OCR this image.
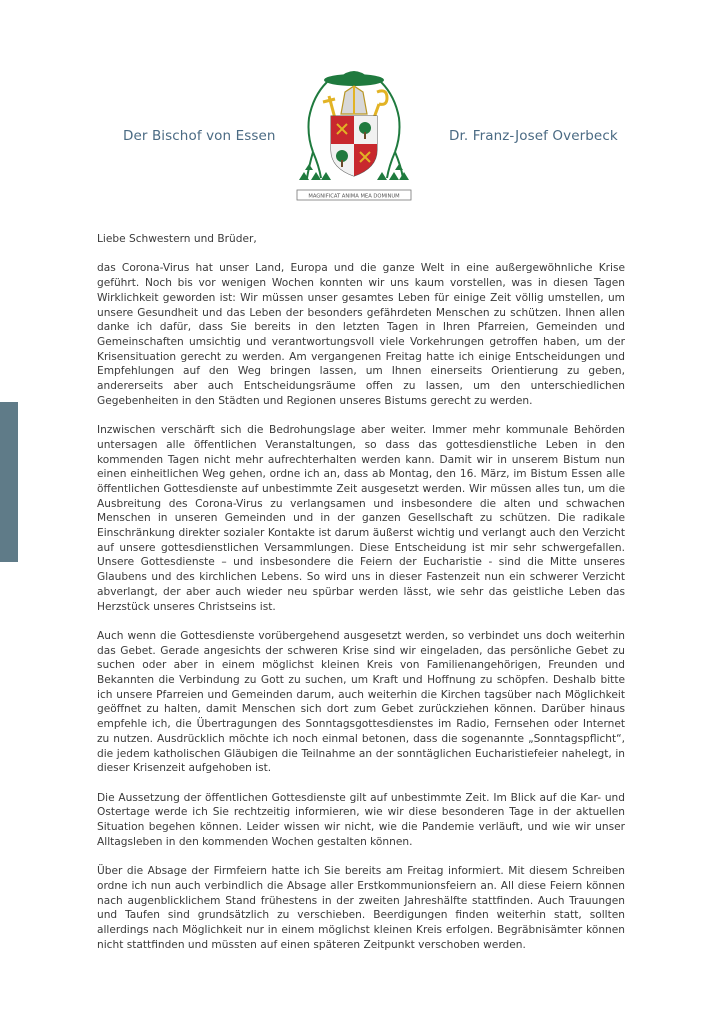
Der Bischof von Essen	Dr. Franz-Josef Overbeck
MAGNIFICAT ANIMA MEA DOMINUM

Liebe Schwestern und Brüder,

das Corona-Virus hat unser Land, Europa und die ganze Welt in eine außergewöhnliche Krise geführt. Noch bis vor wenigen Wochen konnten wir uns kaum vorstellen, was in diesen Tagen Wirklichkeit geworden ist: Wir müssen unser gesamtes Leben für einige Zeit völlig umstellen, um unsere Gesundheit und das Leben der besonders gefährdeten Menschen zu schützen. Ihnen allen danke ich dafür, dass Sie bereits in den letzten Tagen in Ihren Pfarreien, Gemeinden und Gemeinschaften umsichtig und verantwortungsvoll viele Vorkehrungen getroffen haben, um der Krisensituation gerecht zu werden. Am vergangenen Freitag hatte ich einige Entscheidungen und Empfehlungen auf den Weg bringen lassen, um Ihnen einerseits Orientierung zu geben, andererseits aber auch Entscheidungsräume offen zu lassen, um den unterschiedlichen Gegebenheiten in den Städten und Regionen unseres Bistums gerecht zu werden.

Inzwischen verschärft sich die Bedrohungslage aber weiter. Immer mehr kommunale Behörden untersagen alle öffentlichen Veranstaltungen, so dass das gottesdienstliche Leben in den kommenden Tagen nicht mehr aufrechterhalten werden kann. Damit wir in unserem Bistum nun einen einheitlichen Weg gehen, ordne ich an, dass ab Montag, den 16. März, im Bistum Essen alle öffentlichen Gottesdienste auf unbestimmte Zeit ausgesetzt werden. Wir müssen alles tun, um die Ausbreitung des Corona-Virus zu verlangsamen und insbesondere die alten und schwachen Menschen in unseren Gemeinden und in der ganzen Gesellschaft zu schützen. Die radikale Einschränkung direkter sozialer Kontakte ist darum äußerst wichtig und verlangt auch den Verzicht auf unsere gottesdienstlichen Versammlungen. Diese Entscheidung ist mir sehr schwergefallen. Unsere Gottesdienste – und insbesondere die Feiern der Eucharistie - sind die Mitte unseres Glaubens und des kirchlichen Lebens. So wird uns in dieser Fastenzeit nun ein schwerer Verzicht abverlangt, der aber auch wieder neu spürbar werden lässt, wie sehr das geistliche Leben das Herzstück unseres Christseins ist.

Auch wenn die Gottesdienste vorübergehend ausgesetzt werden, so verbindet uns doch weiterhin das Gebet. Gerade angesichts der schweren Krise sind wir eingeladen, das persönliche Gebet zu suchen oder aber in einem möglichst kleinen Kreis von Familienangehörigen, Freunden und Bekannten die Verbindung zu Gott zu suchen, um Kraft und Hoffnung zu schöpfen. Deshalb bitte ich unsere Pfarreien und Gemeinden darum, auch weiterhin die Kirchen tagsüber nach Möglichkeit geöffnet zu halten, damit Menschen sich dort zum Gebet zurückziehen können. Darüber hinaus empfehle ich, die Übertragungen des Sonntagsgottesdienstes im Radio, Fernsehen oder Internet zu nutzen. Ausdrücklich möchte ich noch einmal betonen, dass die sogenannte „Sonntagspflicht“, die jedem katholischen Gläubigen die Teilnahme an der sonntäglichen Eucharistiefeier nahelegt, in dieser Krisenzeit aufgehoben ist.

Die Aussetzung der öffentlichen Gottesdienste gilt auf unbestimmte Zeit. Im Blick auf die Kar- und Ostertage werde ich Sie rechtzeitig informieren, wie wir diese besonderen Tage in der aktuellen Situation begehen können. Leider wissen wir nicht, wie die Pandemie verläuft, und wie wir unser Alltagsleben in den kommenden Wochen gestalten können.

Über die Absage der Firmfeiern hatte ich Sie bereits am Freitag informiert. Mit diesem Schreiben ordne ich nun auch verbindlich die Absage aller Erstkommunionsfeiern an. All diese Feiern können nach augenblicklichem Stand frühestens in der zweiten Jahreshälfte stattfinden. Auch Trauungen und Taufen sind grundsätzlich zu verschieben. Beerdigungen finden weiterhin statt, sollten allerdings nach Möglichkeit nur in einem möglichst kleinen Kreis erfolgen. Begräbnisämter können nicht stattfinden und müssten auf einen späteren Zeitpunkt verschoben werden.
